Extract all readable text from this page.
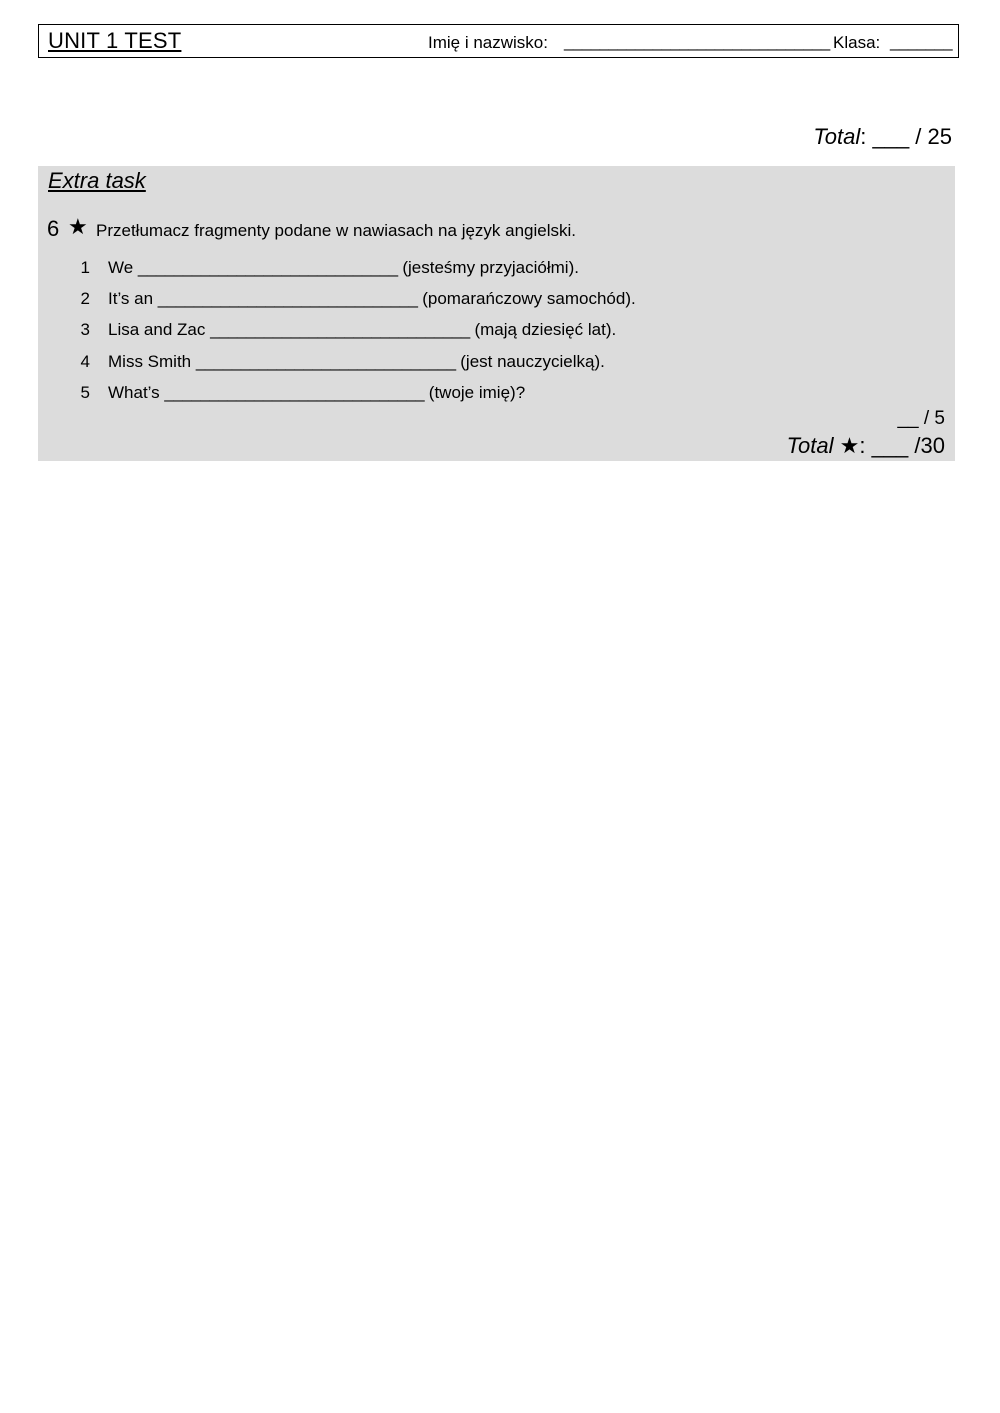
UNIT 1 TEST	Imię i nazwisko: ______________________________ Klasa: _______
Total: ___ / 25
Extra task
6 ★ Przetłumacz fragmenty podane w nawiasach na język angielski.
1 We _____________________________ (jesteśmy przyjaciółmi).
2 It’s an _____________________________ (pomarańczowy samochód).
3 Lisa and Zac _____________________________ (mają dziesięć lat).
4 Miss Smith _____________________________ (jest nauczycielką).
5 What’s _____________________________ (twoje imię)?
__ / 5
Total ★: ___ /30
